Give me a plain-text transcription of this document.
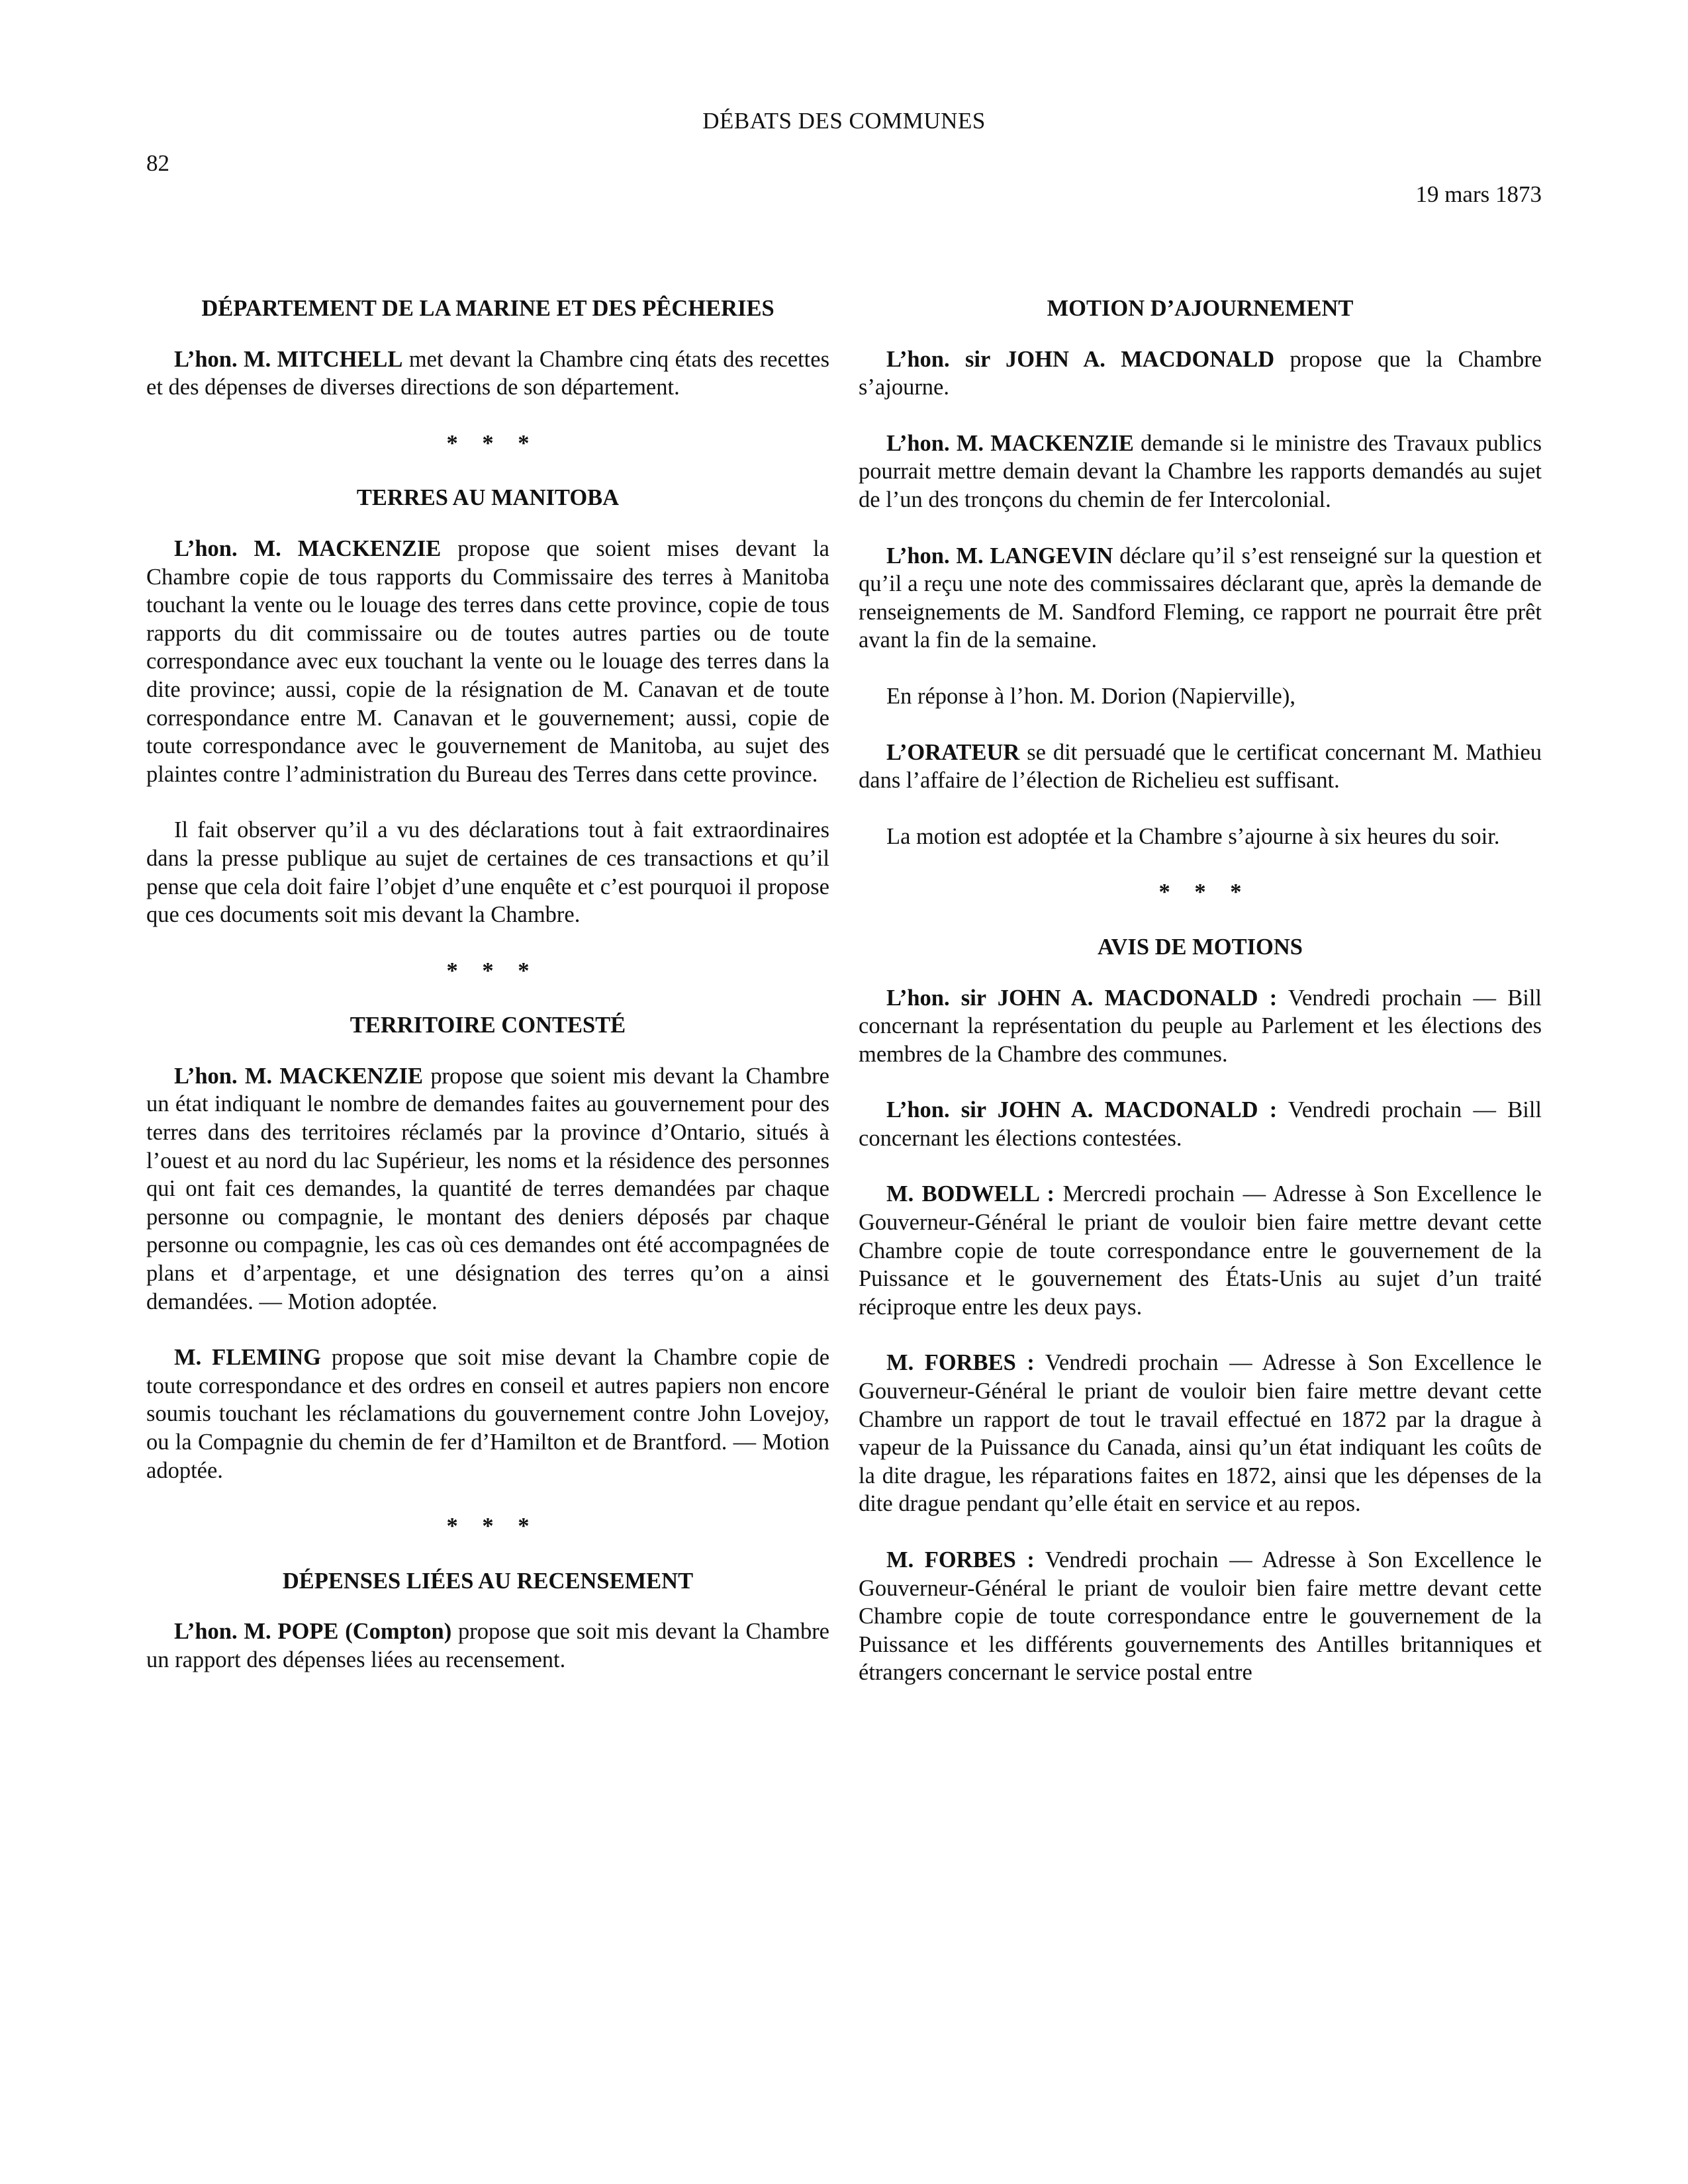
DÉBATS DES COMMUNES
82
19 mars 1873
DÉPARTEMENT DE LA MARINE ET DES PÊCHERIES

L’hon. M. MITCHELL met devant la Chambre cinq états des recettes et des dépenses de diverses directions de son département.

* * *
TERRES AU MANITOBA

L’hon. M. MACKENZIE propose que soient mises devant la Chambre copie de tous rapports du Commissaire des terres à Manitoba touchant la vente ou le louage des terres dans cette province, copie de tous rapports du dit commissaire ou de toutes autres parties ou de toute correspondance avec eux touchant la vente ou le louage des terres dans la dite province; aussi, copie de la résignation de M. Canavan et de toute correspondance entre M. Canavan et le gouvernement; aussi, copie de toute correspondance avec le gouvernement de Manitoba, au sujet des plaintes contre l’administration du Bureau des Terres dans cette province.

Il fait observer qu’il a vu des déclarations tout à fait extraordinaires dans la presse publique au sujet de certaines de ces transactions et qu’il pense que cela doit faire l’objet d’une enquête et c’est pourquoi il propose que ces documents soit mis devant la Chambre.

* * *
TERRITOIRE CONTESTÉ

L’hon. M. MACKENZIE propose que soient mis devant la Chambre un état indiquant le nombre de demandes faites au gouvernement pour des terres dans des territoires réclamés par la province d’Ontario, situés à l’ouest et au nord du lac Supérieur, les noms et la résidence des personnes qui ont fait ces demandes, la quantité de terres demandées par chaque personne ou compagnie, le montant des deniers déposés par chaque personne ou compagnie, les cas où ces demandes ont été accompagnées de plans et d’arpentage, et une désignation des terres qu’on a ainsi demandées. — Motion adoptée.

M. FLEMING propose que soit mise devant la Chambre copie de toute correspondance et des ordres en conseil et autres papiers non encore soumis touchant les réclamations du gouvernement contre John Lovejoy, ou la Compagnie du chemin de fer d’Hamilton et de Brantford. — Motion adoptée.

* * *
DÉPENSES LIÉES AU RECENSEMENT

L’hon. M. POPE (Compton) propose que soit mis devant la Chambre un rapport des dépenses liées au recensement.

MOTION D’AJOURNEMENT

L’hon. sir JOHN A. MACDONALD propose que la Chambre s’ajourne.

L’hon. M. MACKENZIE demande si le ministre des Travaux publics pourrait mettre demain devant la Chambre les rapports demandés au sujet de l’un des tronçons du chemin de fer Intercolonial.

L’hon. M. LANGEVIN déclare qu’il s’est renseigné sur la question et qu’il a reçu une note des commissaires déclarant que, après la demande de renseignements de M. Sandford Fleming, ce rapport ne pourrait être prêt avant la fin de la semaine.

En réponse à l’hon. M. Dorion (Napierville),

L’ORATEUR se dit persuadé que le certificat concernant M. Mathieu dans l’affaire de l’élection de Richelieu est suffisant.

La motion est adoptée et la Chambre s’ajourne à six heures du soir.

* * *
AVIS DE MOTIONS

L’hon. sir JOHN A. MACDONALD : Vendredi prochain — Bill concernant la représentation du peuple au Parlement et les élections des membres de la Chambre des communes.

L’hon. sir JOHN A. MACDONALD : Vendredi prochain — Bill concernant les élections contestées.

M. BODWELL : Mercredi prochain — Adresse à Son Excellence le Gouverneur-Général le priant de vouloir bien faire mettre devant cette Chambre copie de toute correspondance entre le gouvernement de la Puissance et le gouvernement des États-Unis au sujet d’un traité réciproque entre les deux pays.

M. FORBES : Vendredi prochain — Adresse à Son Excellence le Gouverneur-Général le priant de vouloir bien faire mettre devant cette Chambre un rapport de tout le travail effectué en 1872 par la drague à vapeur de la Puissance du Canada, ainsi qu’un état indiquant les coûts de la dite drague, les réparations faites en 1872, ainsi que les dépenses de la dite drague pendant qu’elle était en service et au repos.

M. FORBES : Vendredi prochain — Adresse à Son Excellence le Gouverneur-Général le priant de vouloir bien faire mettre devant cette Chambre copie de toute correspondance entre le gouvernement de la Puissance et les différents gouvernements des Antilles britanniques et étrangers concernant le service postal entre
